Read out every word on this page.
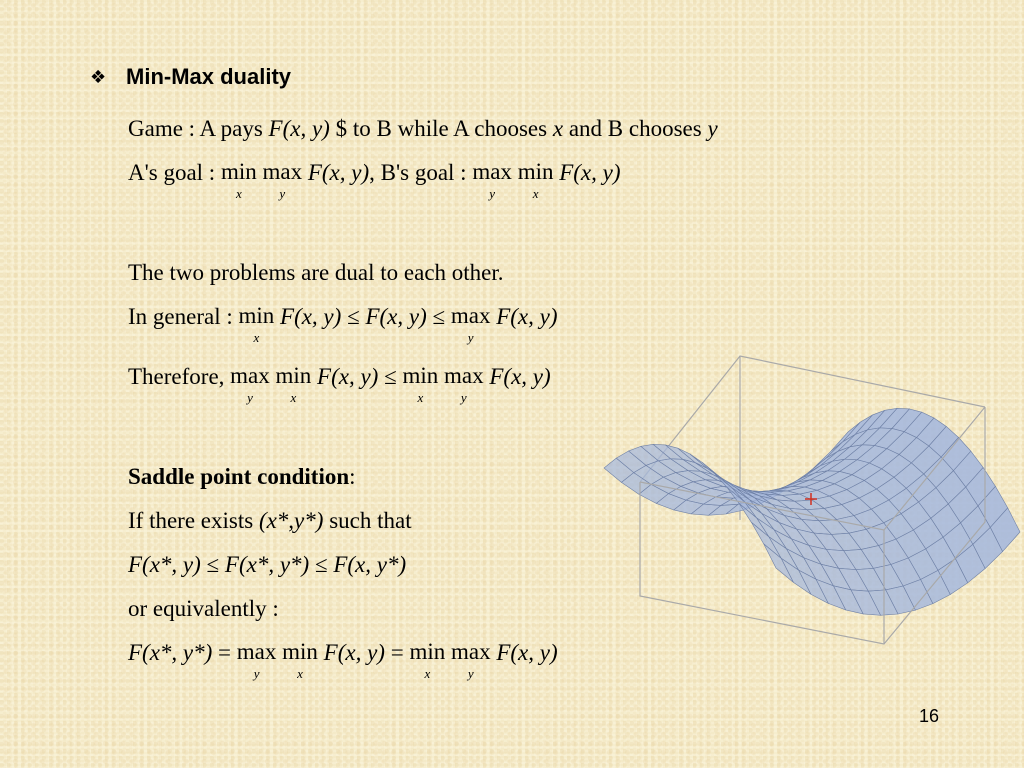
❖ Min-Max duality
Game : A pays F(x, y) $ to B while A chooses x and B chooses y
A's goal : min
x

max
y
F(x, y), B's goal : max
y

min
x
F(x, y)
The two problems are dual to each other.
In general : min
x
F(x, y) ≤ F(x, y) ≤ max
y
F(x, y)
Therefore, max
y

min
x
F(x, y) ≤ min
x

max
y
F(x, y)
Saddle point condition:
If there exists (x*,y*) such that
F(x*, y) ≤ F(x*, y*) ≤ F(x, y*)
or equivalently :
F(x*, y*) = max
y

min
x
F(x, y) = min
x

max
y
F(x, y)
16
